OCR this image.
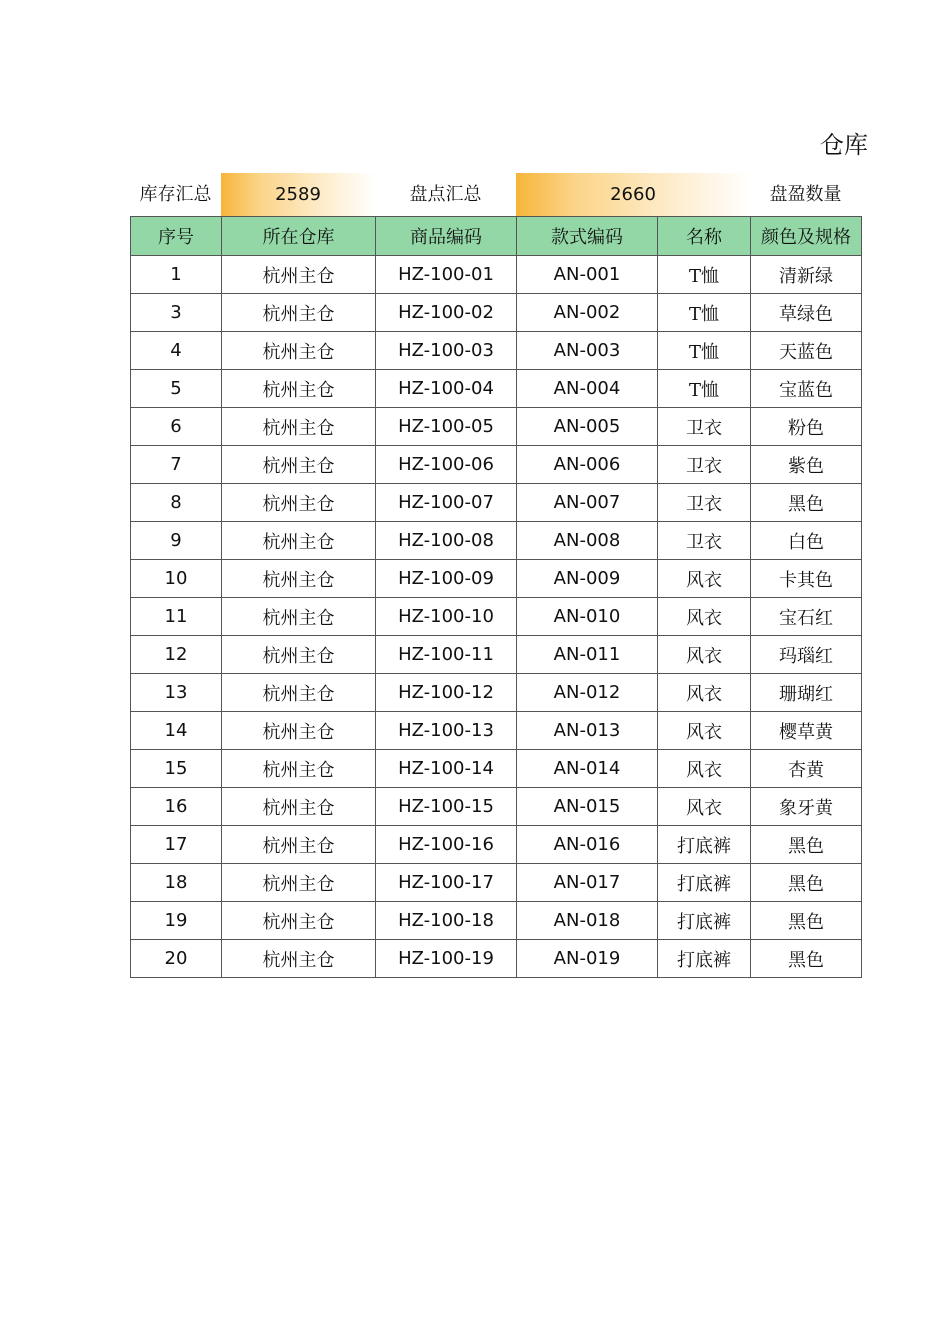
仓库
库存汇总	2589	盘点汇总	2660	盘盈数量
序号	所在仓库	商品编码	款式编码	名称	颜色及规格
1	杭州主仓	HZ-100-01	AN-001	T恤	清新绿
3	杭州主仓	HZ-100-02	AN-002	T恤	草绿色
4	杭州主仓	HZ-100-03	AN-003	T恤	天蓝色
5	杭州主仓	HZ-100-04	AN-004	T恤	宝蓝色
6	杭州主仓	HZ-100-05	AN-005	卫衣	粉色
7	杭州主仓	HZ-100-06	AN-006	卫衣	紫色
8	杭州主仓	HZ-100-07	AN-007	卫衣	黑色
9	杭州主仓	HZ-100-08	AN-008	卫衣	白色
10	杭州主仓	HZ-100-09	AN-009	风衣	卡其色
11	杭州主仓	HZ-100-10	AN-010	风衣	宝石红
12	杭州主仓	HZ-100-11	AN-011	风衣	玛瑙红
13	杭州主仓	HZ-100-12	AN-012	风衣	珊瑚红
14	杭州主仓	HZ-100-13	AN-013	风衣	樱草黄
15	杭州主仓	HZ-100-14	AN-014	风衣	杏黄
16	杭州主仓	HZ-100-15	AN-015	风衣	象牙黄
17	杭州主仓	HZ-100-16	AN-016	打底裤	黑色
18	杭州主仓	HZ-100-17	AN-017	打底裤	黑色
19	杭州主仓	HZ-100-18	AN-018	打底裤	黑色
20	杭州主仓	HZ-100-19	AN-019	打底裤	黑色
